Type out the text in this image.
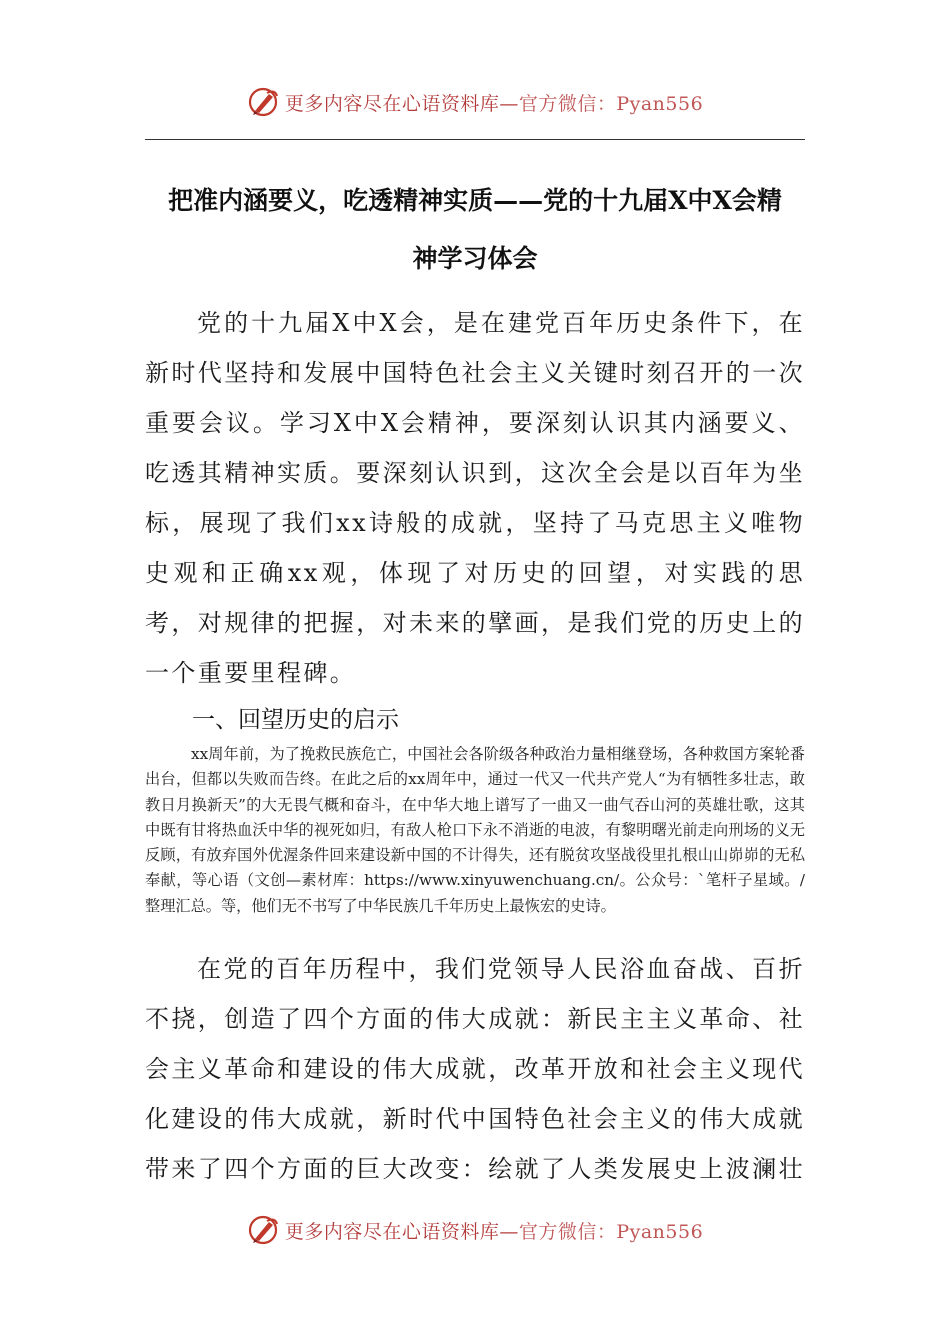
更多内容尽在心语资料库—官方微信：Pyan556
把准内涵要义，吃透精神实质——党的十九届X中X会精
神学习体会

党的十九届X中X会，是在建党百年历史条件下，在新时代坚持和发展中国特色社会主义关键时刻召开的一次重要会议。学习X中X会精神，要深刻认识其内涵要义、吃透其精神实质。要深刻认识到，这次全会是以百年为坐标，展现了我们xx诗般的成就，坚持了马克思主义唯物史观和正确xx观，体现了对历史的回望，对实践的思考，对规律的把握，对未来的擘画，是我们党的历史上的一个重要里程碑。

一、回望历史的启示

xx周年前，为了挽救民族危亡，中国社会各阶级各种政治力量相继登场，各种救国方案轮番出台，但都以失败而告终。在此之后的xx周年中，通过一代又一代共产党人“为有牺牲多壮志，敢教日月换新天”的大无畏气概和奋斗，在中华大地上谱写了一曲又一曲气吞山河的英雄壮歌，这其中既有甘将热血沃中华的视死如归，有敌人枪口下永不消逝的电波，有黎明曙光前走向刑场的义无反顾，有放弃国外优渥条件回来建设新中国的不计得失，还有脱贫攻坚战役里扎根山山峁峁的无私奉献，等心语（文创—素材库：https://www.xinyuwenchuang.cn/。公众号：`笔杆子星域。/整理汇总。等，他们无不书写了中华民族几千年历史上最恢宏的史诗。

在党的百年历程中，我们党领导人民浴血奋战、百折不挠，创造了四个方面的伟大成就：新民主主义革命、社会主义革命和建设的伟大成就，改革开放和社会主义现代化建设的伟大成就，新时代中国特色社会主义的伟大成就带来了四个方面的巨大改变：绘就了人类发展史上波澜壮

更多内容尽在心语资料库—官方微信：Pyan556
